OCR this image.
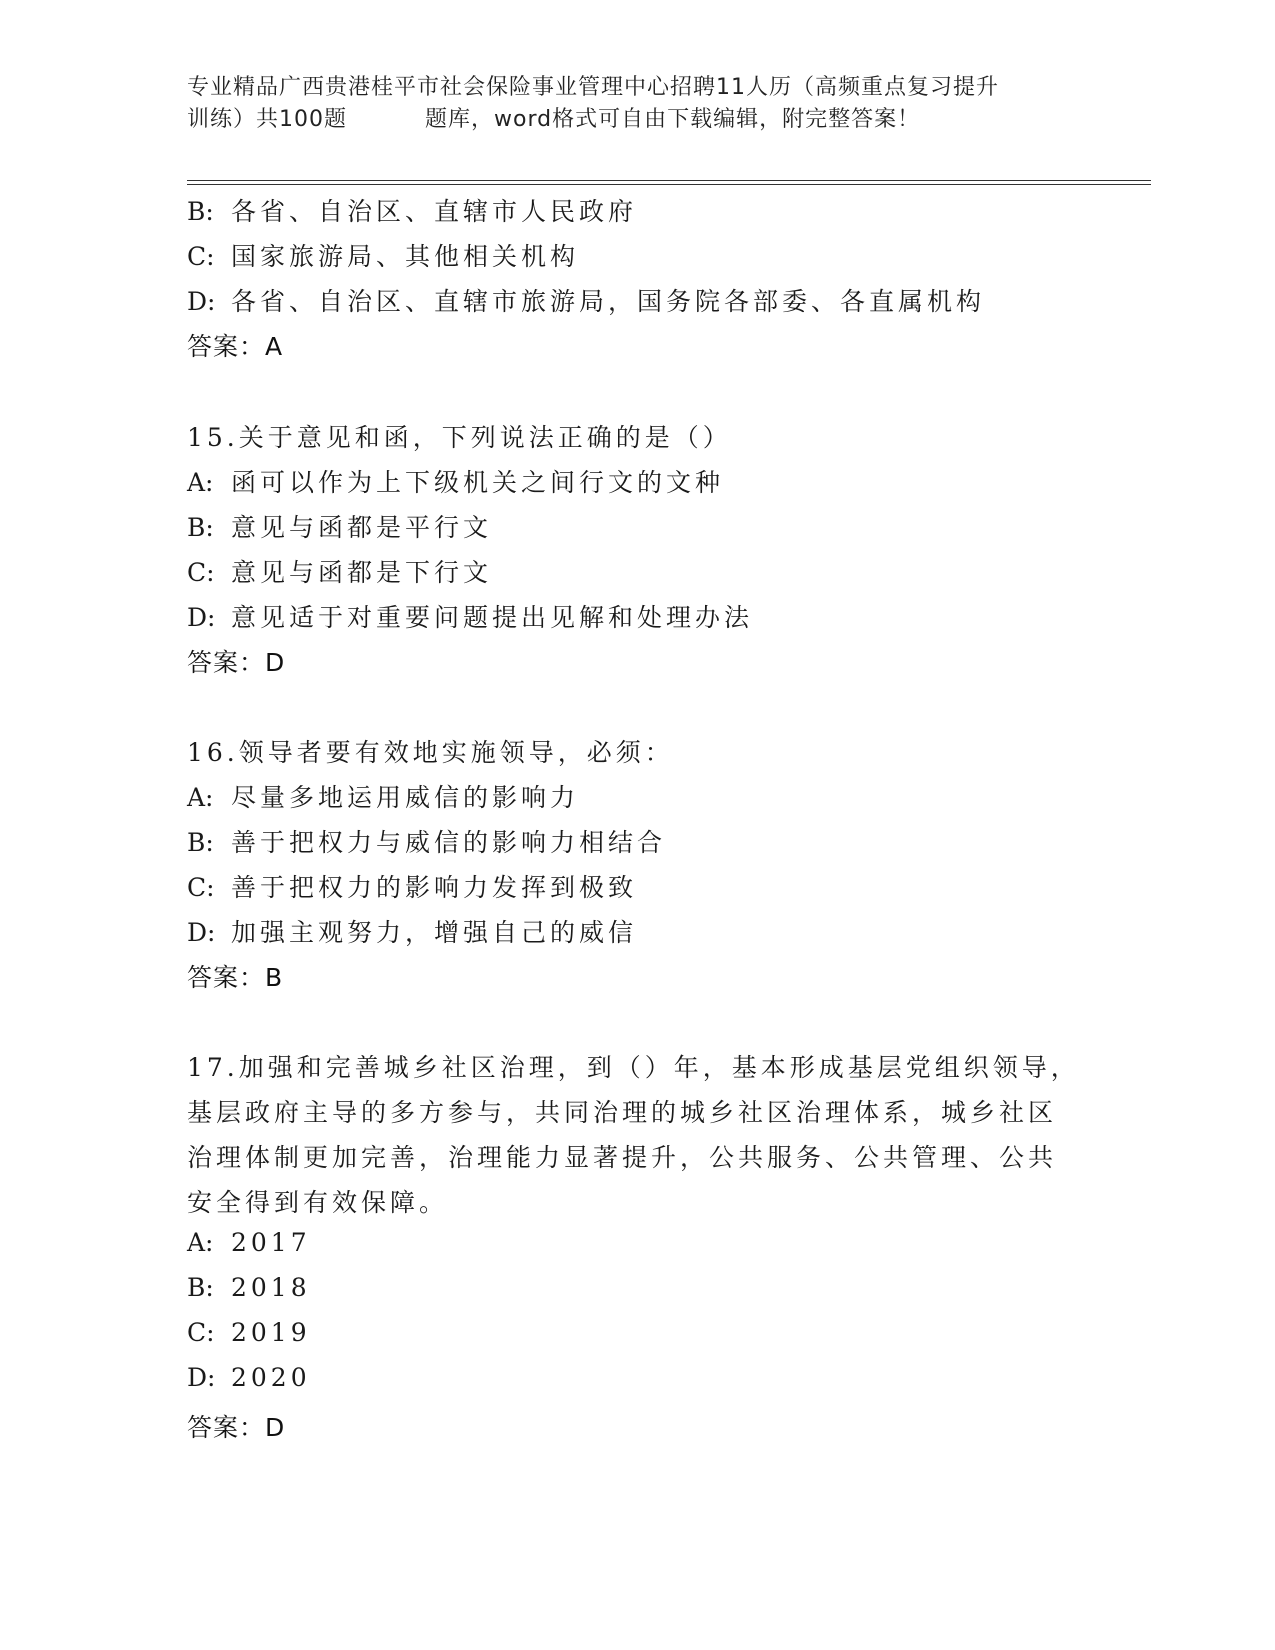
专业精品广西贵港桂平市社会保险事业管理中心招聘11人历（高频重点复习提升
训练）共100题	题库，word格式可自由下载编辑，附完整答案！
B: 各省、自治区、直辖市人民政府
C: 国家旅游局、其他相关机构
D: 各省、自治区、直辖市旅游局，国务院各部委、各直属机构
答案：A
15.关于意见和函，下列说法正确的是（）
A: 函可以作为上下级机关之间行文的文种
B: 意见与函都是平行文
C: 意见与函都是下行文
D: 意见适于对重要问题提出见解和处理办法
答案：D
16.领导者要有效地实施领导，必须：
A: 尽量多地运用威信的影响力
B: 善于把权力与威信的影响力相结合
C: 善于把权力的影响力发挥到极致
D: 加强主观努力，增强自己的威信
答案：B
17.加强和完善城乡社区治理，到（）年，基本形成基层党组织领导，
基层政府主导的多方参与，共同治理的城乡社区治理体系，城乡社区
治理体制更加完善，治理能力显著提升，公共服务、公共管理、公共
安全得到有效保障。
A: 2017
B: 2018
C: 2019
D: 2020
答案：D
